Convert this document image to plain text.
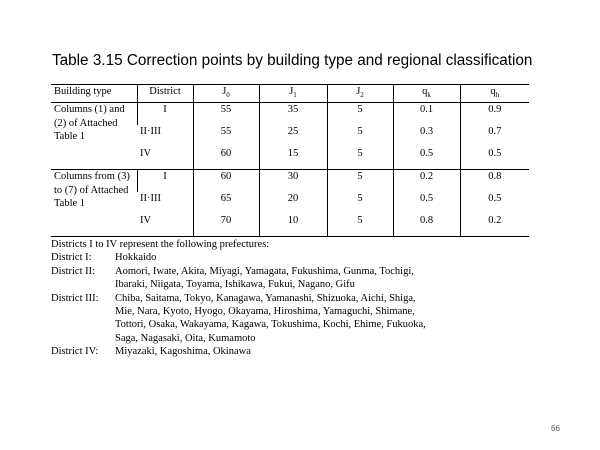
Table 3.15 Correction points by building type and regional classification
Building type	District	$J_0$	$J_1$	$J_2$	$q_k$	$q_h$
Columns (1) and (2) of Attached Table 1	I	55	35	5	0.1	0.9
	II·III	55	25	5	0.3	0.7
	IV	60	15	5	0.5	0.5
Columns from (3) to (7) of Attached Table 1	I	60	30	5	0.2	0.8
	II·III	65	20	5	0.5	0.5
	IV	70	10	5	0.8	0.2
Districts I to IV represent the following prefectures:
District I:	Hokkaido
District II:	Aomori, Iwate, Akita, Miyagi, Yamagata, Fukushima, Gunma, Tochigi,
Ibaraki, Niigata, Toyama, Ishikawa, Fukui, Nagano, Gifu
District III:	Chiba, Saitama, Tokyo, Kanagawa, Yamanashi, Shizuoka, Aichi, Shiga,
Mie, Nara, Kyoto, Hyogo, Okayama, Hiroshima, Yamaguchi, Shimane,
Tottori, Osaka, Wakayama, Kagawa, Tokushima, Kochi, Ehime, Fukuoka,
Saga, Nagasaki, Oita, Kumamoto
District IV:	Miyazaki, Kagoshima, Okinawa
66
